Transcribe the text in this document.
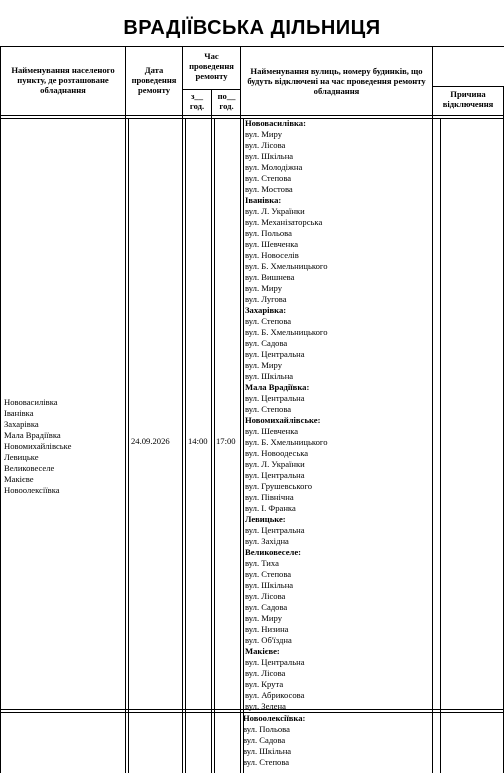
ВРАДІЇВСЬКА ДІЛЬНИЦЯ
Найменування населеного пункту, де розташоване обладнання
Дата проведення ремонту
Час проведення ремонту
з__ год.
по__ год.
Найменування вулиць, номеру будинків, що будуть відключені на час проведення ремонту обладнання	Причина відключення
Нововасилівка
Іванівка
Захарівка
Мала Врадіївка
Новомихайлівське
Левицьке
Великовеселе
Макієве
Новоолексіївка
24.09.2026	14:00 17:00
Нововасилівка:
вул. Миру
вул. Лісова
вул. Шкільна
вул. Молодіжна
вул. Степова
вул. Мостова
Іванівка:
вул. Л. Українки
вул. Механізаторська
вул. Польова
вул. Шевченка
вул. Новоселів
вул. Б. Хмельницького
вул. Вишнева
вул. Миру
вул. Лугова
Захарівка:
вул. Степова
вул. Б. Хмельницького
вул. Садова
вул. Центральна
вул. Миру
вул. Шкільна
Мала Врадіївка:
вул. Центральна
вул. Степова
Новомихайлівське:
вул. Шевченка
вул. Б. Хмельницького
вул. Новоодеська
вул. Л. Українки
вул. Центральна
вул. Грушевського
вул. Північна
вул. І. Франка
Левицьке:
вул. Центральна
вул. Західна
Великовеселе:
вул. Тиха
вул. Степова
вул. Шкільна
вул. Лісова
вул. Садова
вул. Миру
вул. Низина
вул. Об'їздна
Макієве:
вул. Центральна
вул. Лісова
вул. Крута
вул. Абрикосова
вул. Зелена
Новоолексіївка:
вул. Польова
вул. Садова
вул. Шкільна
вул. Степова
